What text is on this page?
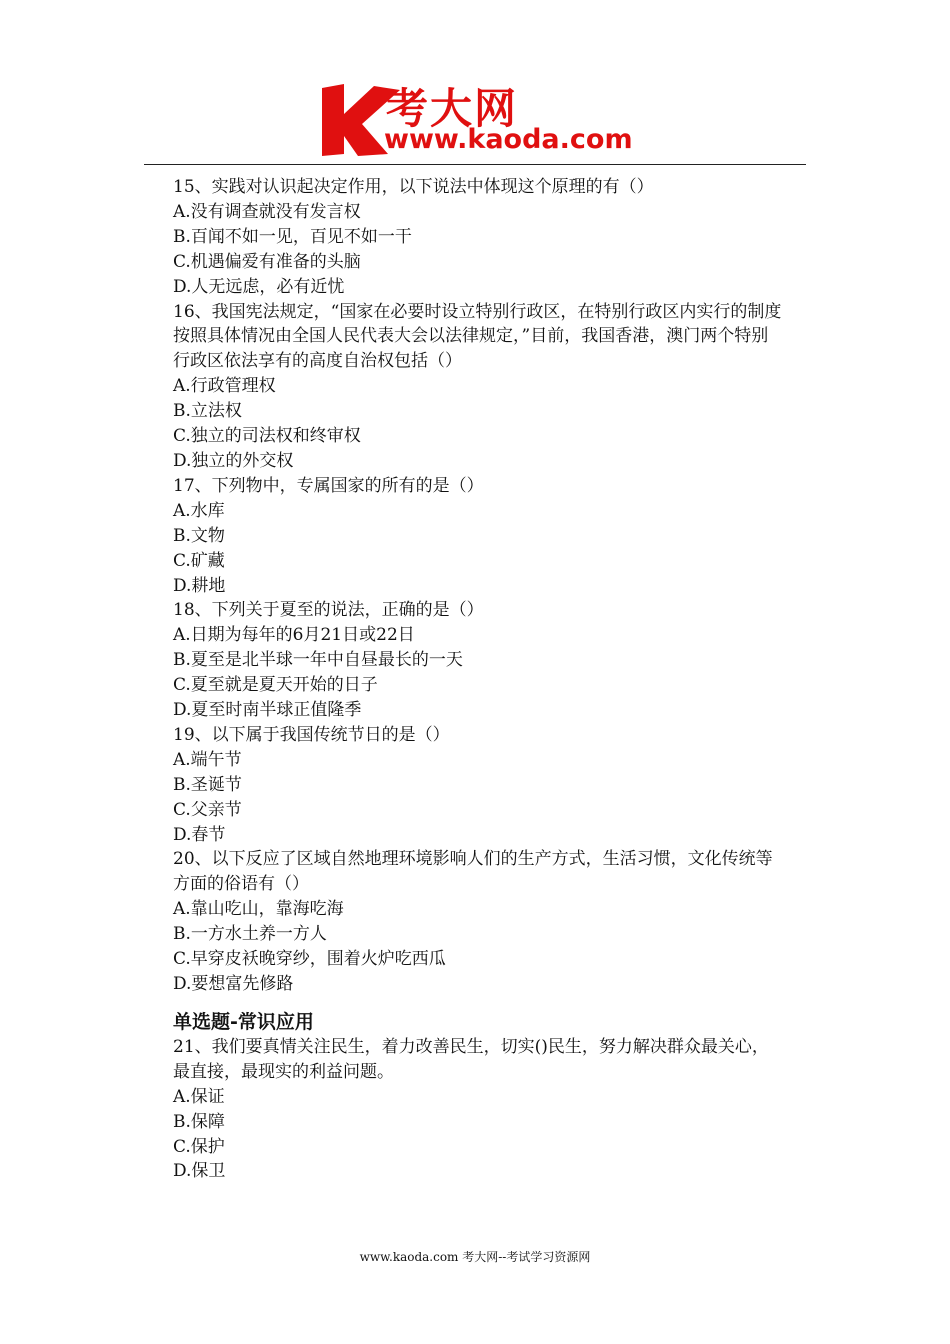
考大网
www.kaoda.com
15、实践对认识起决定作用，以下说法中体现这个原理的有（）
A.没有调查就没有发言权
B.百闻不如一见，百见不如一干
C.机遇偏爱有准备的头脑
D.人无远虑，必有近忧
16、我国宪法规定，“国家在必要时设立特别行政区，在特别行政区内实行的制度按照具体情况由全国人民代表大会以法律规定，”目前，我国香港，澳门两个特别行政区依法享有的高度自治权包括（）
A.行政管理权
B.立法权
C.独立的司法权和终审权
D.独立的外交权
17、下列物中，专属国家的所有的是（）
A.水库
B.文物
C.矿藏
D.耕地
18、下列关于夏至的说法，正确的是（）
A.日期为每年的6月21日或22日
B.夏至是北半球一年中自昼最长的一天
C.夏至就是夏天开始的日子
D.夏至时南半球正值隆季
19、以下属于我国传统节日的是（）
A.端午节
B.圣诞节
C.父亲节
D.春节
20、以下反应了区域自然地理环境影响人们的生产方式，生活习惯，文化传统等方面的俗语有（）
A.靠山吃山，靠海吃海
B.一方水土养一方人
C.早穿皮袄晚穿纱，围着火炉吃西瓜
D.要想富先修路
单选题-常识应用
21、我们要真情关注民生，着力改善民生，切实()民生，努力解决群众最关心，最直接，最现实的利益问题。
A.保证
B.保障
C.保护
D.保卫
www.kaoda.com 考大网--考试学习资源网
